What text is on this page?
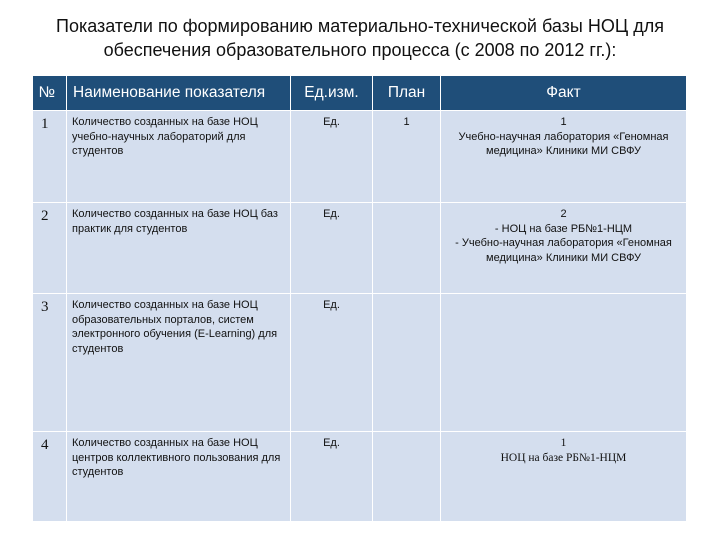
Показатели по формированию материально-технической базы НОЦ для
обеспечения образовательного процесса (с 2008 по 2012 гг.):
№	Наименование показателя	Ед.изм.	План	Факт
1	Количество созданных на базе НОЦ учебно-научных лабораторий для студентов	Ед.	1	1
Учебно-научная лаборатория «Геномная медицина» Клиники МИ СВФУ

2	Количество созданных на базе НОЦ баз практик для студентов	Ед.		2
- НОЦ на базе РБ№1-НЦМ
- Учебно-научная лаборатория «Геномная медицина» Клиники МИ СВФУ

3	Количество созданных на базе НОЦ образовательных порталов, систем электронного обучения (E-Learning) для студентов	Ед.		

4	Количество созданных на базе НОЦ центров коллективного пользования для студентов	Ед.		1
НОЦ на базе РБ№1-НЦМ
